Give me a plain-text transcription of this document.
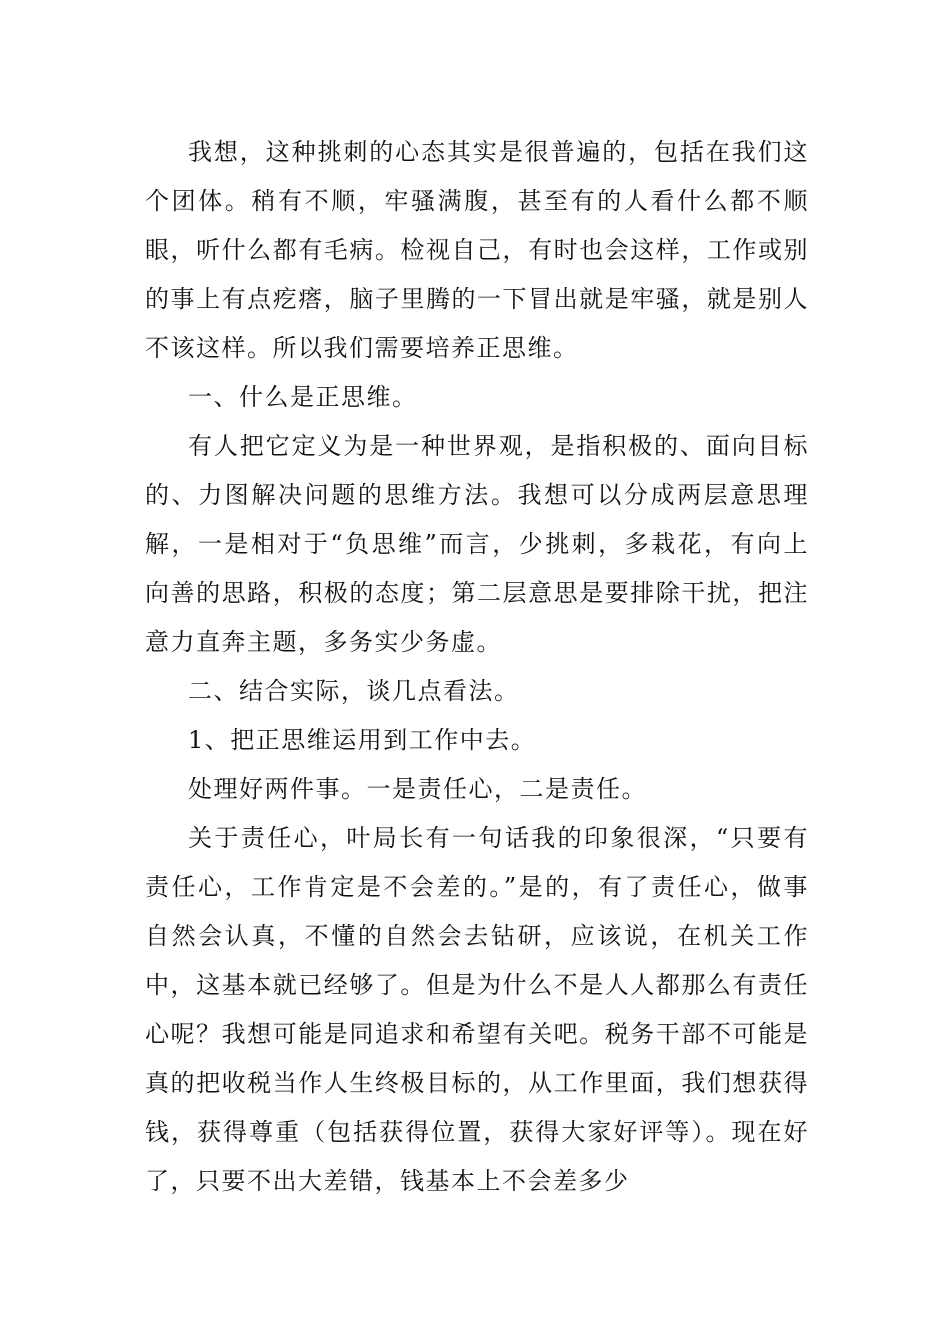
我想，这种挑刺的心态其实是很普遍的，包括在我们这个团体。稍有不顺，牢骚满腹，甚至有的人看什么都不顺眼，听什么都有毛病。检视自己，有时也会这样，工作或别的事上有点疙瘩，脑子里腾的一下冒出就是牢骚，就是别人不该这样。所以我们需要培养正思维。

一、什么是正思维。

有人把它定义为是一种世界观，是指积极的、面向目标的、力图解决问题的思维方法。我想可以分成两层意思理解，一是相对于“负思维”而言，少挑刺，多栽花，有向上向善的思路，积极的态度；第二层意思是要排除干扰，把注意力直奔主题，多务实少务虚。

二、结合实际，谈几点看法。

1、把正思维运用到工作中去。

处理好两件事。一是责任心，二是责任。

关于责任心，叶局长有一句话我的印象很深，“只要有责任心，工作肯定是不会差的。”是的，有了责任心，做事自然会认真，不懂的自然会去钻研，应该说，在机关工作中，这基本就已经够了。但是为什么不是人人都那么有责任心呢？我想可能是同追求和希望有关吧。税务干部不可能是真的把收税当作人生终极目标的，从工作里面，我们想获得钱，获得尊重（包括获得位置，获得大家好评等）。现在好了，只要不出大差错，钱基本上不会差多少
